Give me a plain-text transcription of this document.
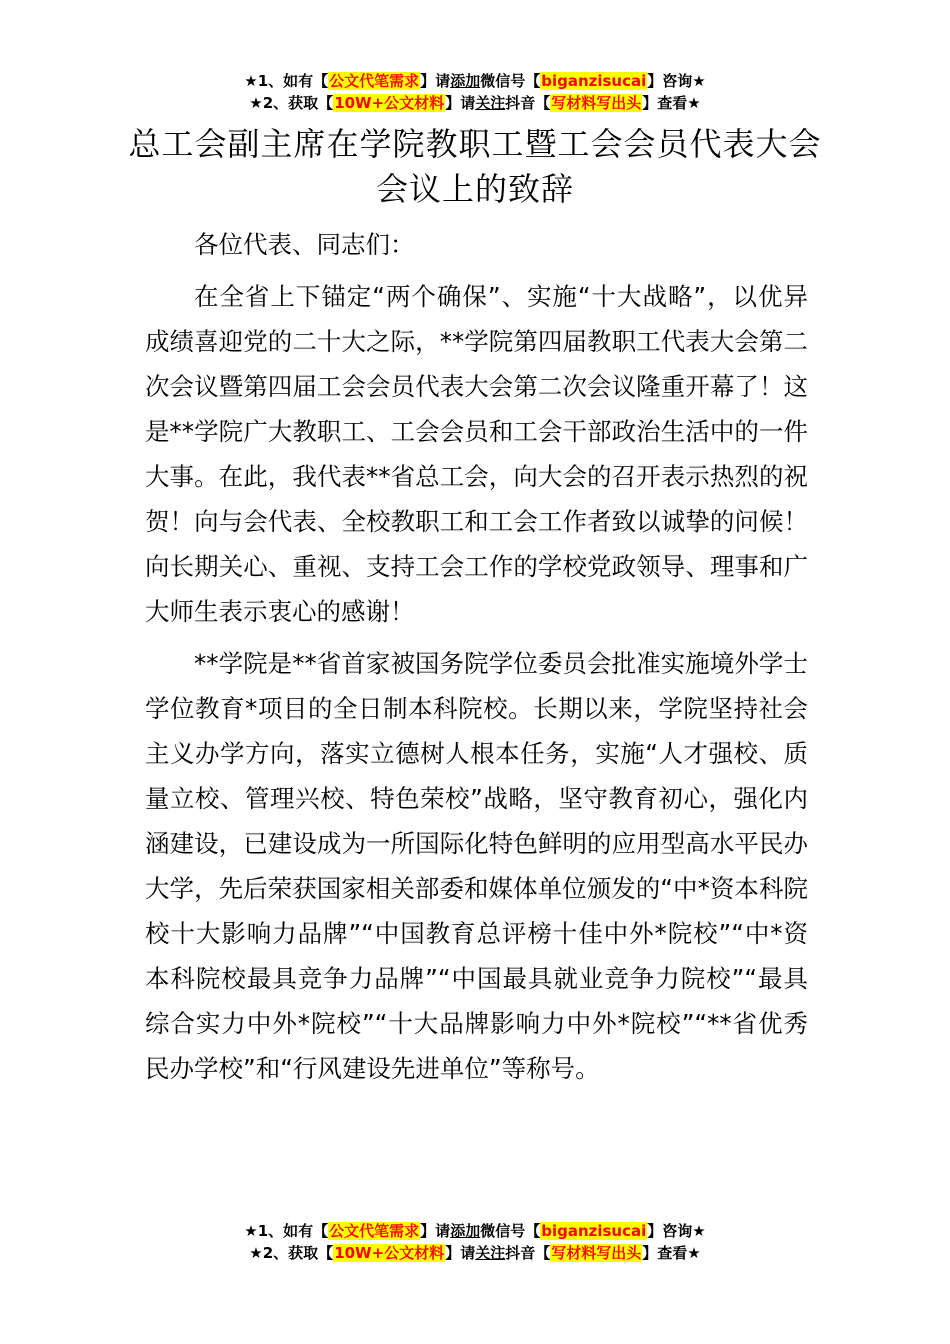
★1、如有【公文代笔需求】请添加微信号【biganzisucai】咨询★
★2、获取【10W+公文材料】请关注抖音【写材料写出头】查看★
总工会副主席在学院教职工暨工会会员代表大会会议上的致辞

各位代表、同志们：

在全省上下锚定“两个确保”、实施“十大战略”，以优异成绩喜迎党的二十大之际，**学院第四届教职工代表大会第二次会议暨第四届工会会员代表大会第二次会议隆重开幕了！这是**学院广大教职工、工会会员和工会干部政治生活中的一件大事。在此，我代表**省总工会，向大会的召开表示热烈的祝贺！向与会代表、全校教职工和工会工作者致以诚挚的问候！向长期关心、重视、支持工会工作的学校党政领导、理事和广大师生表示衷心的感谢！

**学院是**省首家被国务院学位委员会批准实施境外学士学位教育*项目的全日制本科院校。长期以来，学院坚持社会主义办学方向，落实立德树人根本任务，实施“人才强校、质量立校、管理兴校、特色荣校”战略，坚守教育初心，强化内涵建设，已建设成为一所国际化特色鲜明的应用型高水平民办大学，先后荣获国家相关部委和媒体单位颁发的“中*资本科院校十大影响力品牌”“中国教育总评榜十佳中外*院校”“中*资本科院校最具竞争力品牌”“中国最具就业竞争力院校”“最具综合实力中外*院校”“十大品牌影响力中外*院校”“**省优秀民办学校”和“行风建设先进单位”等称号。

★1、如有【公文代笔需求】请添加微信号【biganzisucai】咨询★
★2、获取【10W+公文材料】请关注抖音【写材料写出头】查看★
